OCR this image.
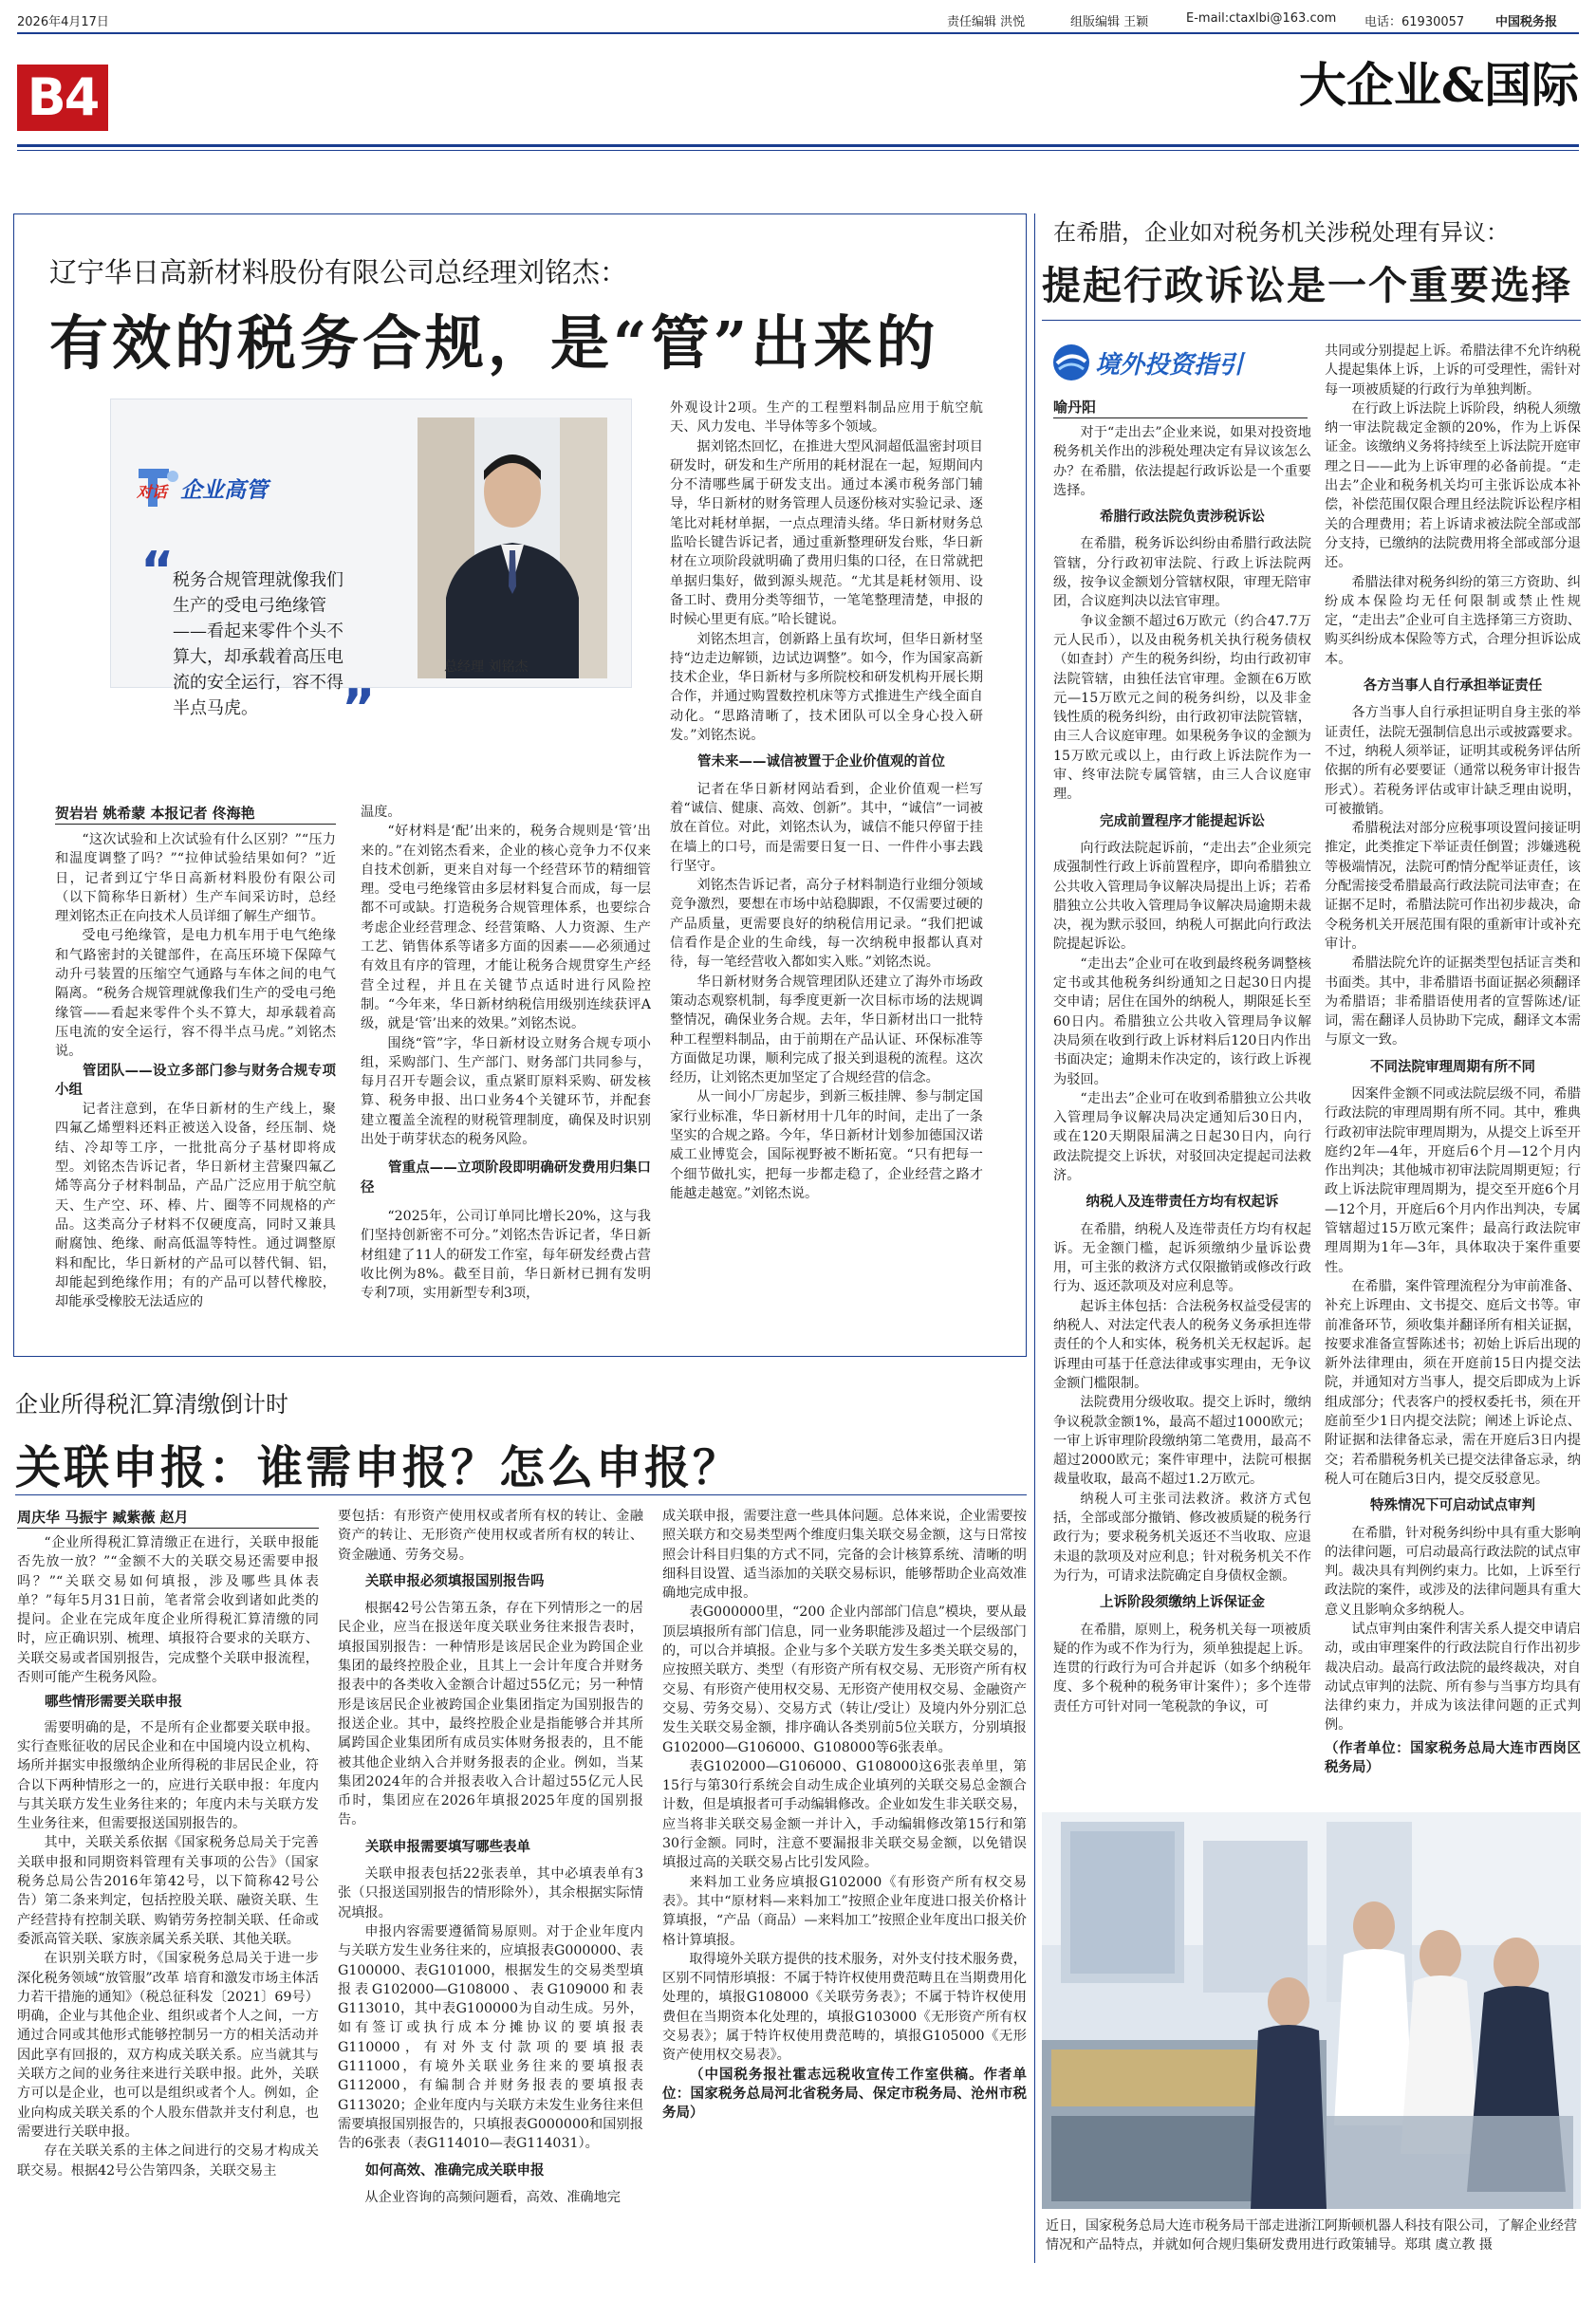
2026年4月17日	责任编辑 洪悦	组版编辑 王颖	E-mail:ctaxlbi@163.com 电话：61930057	中国税务报
B4	大企业&国际
辽宁华日高新材料股份有限公司总经理刘铭杰：
有效的税务合规，是“管”出来的
对话 企业高管
“
税务合规管理就像我们生产的受电弓绝缘管——看起来零件个头不算大，却承载着高压电流的安全运行，容不得半点马虎。	”
总经理 刘铭杰
贺岩岩 姚希蒙 本报记者 佟海艳

“这次试验和上次试验有什么区别？”“压力和温度调整了吗？”“拉伸试验结果如何？”近日，记者到辽宁华日高新材料股份有限公司（以下简称华日新材）生产车间采访时，总经理刘铭杰正在向技术人员详细了解生产细节。

受电弓绝缘管，是电力机车用于电气绝缘和气路密封的关键部件，在高压环境下保障气动升弓装置的压缩空气通路与车体之间的电气隔离。“税务合规管理就像我们生产的受电弓绝缘管——看起来零件个头不算大，却承载着高压电流的安全运行，容不得半点马虎。”刘铭杰说。

管团队——设立多部门参与财务合规专项小组

记者注意到，在华日新材的生产线上，聚四氟乙烯塑料还料正被送入设备，经压制、烧结、冷却等工序，一批批高分子基材即将成型。刘铭杰告诉记者，华日新材主营聚四氟乙烯等高分子材料制品，产品广泛应用于航空航天、生产空、环、棒、片、圈等不同规格的产品。这类高分子材料不仅硬度高，同时又兼具耐腐蚀、绝缘、耐高低温等特性。通过调整原料和配比，华日新材的产品可以替代铜、铝，却能起到绝缘作用；有的产品可以替代橡胶，却能承受橡胶无法适应的

温度。

“好材料是‘配’出来的，税务合规则是‘管’出来的。”在刘铭杰看来，企业的核心竞争力不仅来自技术创新，更来自对每一个经营环节的精细管理。受电弓绝缘管由多层材料复合而成，每一层都不可或缺。打造税务合规管理体系，也要综合考虑企业经营理念、经营策略、人力资源、生产工艺、销售体系等诸多方面的因素——必须通过有效且有序的管理，才能让税务合规贯穿生产经营全过程，并且在关键节点适时进行风险控制。“今年来，华日新材纳税信用级别连续获评A级，就是‘管’出来的效果。”刘铭杰说。

围绕“管”字，华日新材设立财务合规专项小组，采购部门、生产部门、财务部门共同参与，每月召开专题会议，重点紧盯原料采购、研发核算、税务申报、出口业务4个关键环节，并配套建立覆盖全流程的财税管理制度，确保及时识别出处于萌芽状态的税务风险。

管重点——立项阶段即明确研发费用归集口径

“2025年，公司订单同比增长20%，这与我们坚持创新密不可分。”刘铭杰告诉记者，华日新材组建了11人的研发工作室，每年研发经费占营收比例为8%。截至目前，华日新材已拥有发明专利7项，实用新型专利3项，

外观设计2项。生产的工程塑料制品应用于航空航天、风力发电、半导体等多个领域。

据刘铭杰回忆，在推进大型风洞超低温密封项目研发时，研发和生产所用的耗材混在一起，短期间内分不清哪些属于研发支出。通过本溪市税务部门辅导，华日新材的财务管理人员逐份核对实验记录、逐笔比对耗材单据，一点点理清头绪。华日新材财务总监哈长键告诉记者，通过重新整理研发台账，华日新材在立项阶段就明确了费用归集的口径，在日常就把单据归集好，做到源头规范。“尤其是耗材领用、设备工时、费用分类等细节，一笔笔整理清楚，申报的时候心里更有底。”哈长键说。

刘铭杰坦言，创新路上虽有坎坷，但华日新材坚持“边走边解锁，边试边调整”。如今，作为国家高新技术企业，华日新材与多所院校和研发机构开展长期合作，并通过购置数控机床等方式推进生产线全面自动化。“思路清晰了，技术团队可以全身心投入研发。”刘铭杰说。

管未来——诚信被置于企业价值观的首位

记者在华日新材网站看到，企业价值观一栏写着“诚信、健康、高效、创新”。其中，“诚信”一词被放在首位。对此，刘铭杰认为，诚信不能只停留于挂在墙上的口号，而是需要日复一日、一件件小事去践行坚守。

刘铭杰告诉记者，高分子材料制造行业细分领域竞争激烈，要想在市场中站稳脚跟，不仅需要过硬的产品质量，更需要良好的纳税信用记录。“我们把诚信看作是企业的生命线，每一次纳税申报都认真对待，每一笔经营收入都如实入账。”刘铭杰说。

华日新材财务合规管理团队还建立了海外市场政策动态观察机制，每季度更新一次目标市场的法规调整情况，确保业务合规。去年，华日新材出口一批特种工程塑料制品，由于前期在产品认证、环保标准等方面做足功课，顺利完成了报关到退税的流程。这次经历，让刘铭杰更加坚定了合规经营的信念。

从一间小厂房起步，到新三板挂牌、参与制定国家行业标准，华日新材用十几年的时间，走出了一条坚实的合规之路。今年，华日新材计划参加德国汉诺威工业博览会，国际视野被不断拓宽。“只有把每一个细节做扎实，把每一步都走稳了，企业经营之路才能越走越宽。”刘铭杰说。

在希腊，企业如对税务机关涉税处理有异议：
提起行政诉讼是一个重要选择
境外投资指引
喻丹阳

对于“走出去”企业来说，如果对投资地税务机关作出的涉税处理决定有异议该怎么办？在希腊，依法提起行政诉讼是一个重要选择。

希腊行政法院负责涉税诉讼

在希腊，税务诉讼纠纷由希腊行政法院管辖，分行政初审法院、行政上诉法院两级，按争议金额划分管辖权限，审理无陪审团，合议庭判决以法官审理。

争议金额不超过6万欧元（约合47.7万元人民币），以及由税务机关执行税务债权（如查封）产生的税务纠纷，均由行政初审法院管辖，由独任法官审理。金额在6万欧元—15万欧元之间的税务纠纷，以及非金钱性质的税务纠纷，由行政初审法院管辖，由三人合议庭审理。如果税务争议的金额为15万欧元或以上，由行政上诉法院作为一审、终审法院专属管辖，由三人合议庭审理。

完成前置程序才能提起诉讼

向行政法院起诉前，“走出去”企业须完成强制性行政上诉前置程序，即向希腊独立公共收入管理局争议解决局提出上诉；若希腊独立公共收入管理局争议解决局逾期未裁决，视为默示驳回，纳税人可据此向行政法院提起诉讼。

“走出去”企业可在收到最终税务调整核定书或其他税务纠纷通知之日起30日内提交申请；居住在国外的纳税人，期限延长至60日内。希腊独立公共收入管理局争议解决局须在收到行政上诉材料后120日内作出书面决定；逾期未作决定的，该行政上诉视为驳回。

“走出去”企业可在收到希腊独立公共收入管理局争议解决局决定通知后30日内，或在120天期限届满之日起30日内，向行政法院提交上诉状，对驳回决定提起司法救济。

纳税人及连带责任方均有权起诉

在希腊，纳税人及连带责任方均有权起诉。无金额门槛，起诉须缴纳少量诉讼费用，可主张的救济方式仅限撤销或修改行政行为、返还款项及对应利息等。

起诉主体包括：合法税务权益受侵害的纳税人、对法定代表人的税务义务承担连带责任的个人和实体，税务机关无权起诉。起诉理由可基于任意法律或事实理由，无争议金额门槛限制。

法院费用分级收取。提交上诉时，缴纳争议税款金额1%，最高不超过1000欧元；一审上诉审理阶段缴纳第二笔费用，最高不超过2000欧元；案件审理中，法院可根据裁量收取，最高不超过1.2万欧元。

纳税人可主张司法救济。救济方式包括，全部或部分撤销、修改被质疑的税务行政行为；要求税务机关返还不当收取、应退未退的款项及对应利息；针对税务机关不作为行为，可请求法院确定自身债权金额。

上诉阶段须缴纳上诉保证金

在希腊，原则上，税务机关每一项被质疑的作为或不作为行为，须单独提起上诉。连贯的行政行为可合并起诉（如多个纳税年度、多个税种的税务审计案件）；多个连带责任方可针对同一笔税款的争议，可

共同或分别提起上诉。希腊法律不允许纳税人提起集体上诉，上诉的可受理性，需针对每一项被质疑的行政行为单独判断。

在行政上诉法院上诉阶段，纳税人须缴纳一审法院裁定金额的20%，作为上诉保证金。该缴纳义务将持续至上诉法院开庭审理之日——此为上诉审理的必备前提。“走出去”企业和税务机关均可主张诉讼成本补偿，补偿范围仅限合理且经法院诉讼程序相关的合理费用；若上诉请求被法院全部或部分支持，已缴纳的法院费用将全部或部分退还。

希腊法律对税务纠纷的第三方资助、纠纷成本保险均无任何限制或禁止性规定，“走出去”企业可自主选择第三方资助、购买纠纷成本保险等方式，合理分担诉讼成本。

各方当事人自行承担举证责任

各方当事人自行承担证明自身主张的举证责任，法院无强制信息出示或披露要求。不过，纳税人须举证，证明其或税务评估所依据的所有必要要证（通常以税务审计报告形式）。若税务评估或审计缺乏理由说明，可被撤销。

希腊税法对部分应税事项设置问接证明推定，此类推定下举证责任倒置；涉嫌逃税等极端情况，法院可酌情分配举证责任，该分配需接受希腊最高行政法院司法审查；在证据不足时，希腊法院可作出初步裁决，命令税务机关开展范围有限的重新审计或补充审计。

希腊法院允许的证据类型包括证言类和书面类。其中，非希腊语书面证据必须翻译为希腊语；非希腊语使用者的宣誓陈述/证词，需在翻译人员协助下完成，翻译文本需与原文一致。

不同法院审理周期有所不同

因案件金额不同或法院层级不同，希腊行政法院的审理周期有所不同。其中，雅典行政初审法院审理周期为，从提交上诉至开庭约2年—4年，开庭后6个月—12个月内作出判决；其他城市初审法院周期更短；行政上诉法院审理周期为，提交至开庭6个月—12个月，开庭后6个月内作出判决，专属管辖超过15万欧元案件；最高行政法院审理周期为1年—3年，具体取决于案件重要性。

在希腊，案件管理流程分为审前准备、补充上诉理由、文书提交、庭后文书等。审前准备环节，须收集并翻译所有相关证据，按要求准备宣誓陈述书；初始上诉后出现的新外法律理由，须在开庭前15日内提交法院，并通知对方当事人，提交后即成为上诉组成部分；代表客户的授权委托书，须在开庭前至少1日内提交法院；阐述上诉论点、附证据和法律备忘录，需在开庭后3日内提交；若希腊税务机关已提交法律备忘录，纳税人可在随后3日内，提交反驳意见。

特殊情况下可启动试点审判

在希腊，针对税务纠纷中具有重大影响的法律问题，可启动最高行政法院的试点审判。裁决具有判例约束力。比如，上诉至行政法院的案件，或涉及的法律问题具有重大意义且影响众多纳税人。

试点审判由案件利害关系人提交申请启动，或由审理案件的行政法院自行作出初步裁决启动。最高行政法院的最终裁决，对自动试点审判的法院、所有参与当事方均具有法律约束力，并成为该法律问题的正式判例。

（作者单位：国家税务总局大连市西岗区税务局）

企业所得税汇算清缴倒计时
关联申报：谁需申报？怎么申报？
周庆华 马振宇 臧紫薇 赵月

“企业所得税汇算清缴正在进行，关联申报能否先放一放？”“金额不大的关联交易还需要申报吗？”“关联交易如何填报，涉及哪些具体表单？”每年5月31日前，笔者常会收到诸如此类的提问。企业在完成年度企业所得税汇算清缴的同时，应正确识别、梳理、填报符合要求的关联方、关联交易或者国别报告，完成整个关联申报流程，否则可能产生税务风险。

哪些情形需要关联申报

需要明确的是，不是所有企业都要关联申报。实行查账征收的居民企业和在中国境内设立机构、场所并据实申报缴纳企业所得税的非居民企业，符合以下两种情形之一的，应进行关联申报：年度内与其关联方发生业务往来的；年度内未与关联方发生业务往来，但需要报送国别报告的。

其中，关联关系依据《国家税务总局关于完善关联申报和同期资料管理有关事项的公告》（国家税务总局公告2016年第42号，以下简称42号公告）第二条来判定，包括控股关联、融资关联、生产经营持有控制关联、购销劳务控制关联、任命或委派高管关联、家族亲属关系关联、其他关联。

在识别关联方时，《国家税务总局关于进一步深化税务领域“放管服”改革 培育和激发市场主体活力若干措施的通知》（税总征科发〔2021〕69号）明确，企业与其他企业、组织或者个人之间，一方通过合同或其他形式能够控制另一方的相关活动并因此享有回报的，双方构成关联关系。应当就其与关联方之间的业务往来进行关联申报。此外，关联方可以是企业，也可以是组织或者个人。例如，企业向构成关联关系的个人股东借款并支付利息，也需要进行关联申报。

存在关联关系的主体之间进行的交易才构成关联交易。根据42号公告第四条，关联交易主

要包括：有形资产使用权或者所有权的转让、金融资产的转让、无形资产使用权或者所有权的转让、资金融通、劳务交易。

关联申报必须填报国别报告吗

根据42号公告第五条，存在下列情形之一的居民企业，应当在报送年度关联业务往来报告表时，填报国别报告：一种情形是该居民企业为跨国企业集团的最终控股企业，且其上一会计年度合并财务报表中的各类收入金额合计超过55亿元；另一种情形是该居民企业被跨国企业集团指定为国别报告的报送企业。其中，最终控股企业是指能够合并其所属跨国企业集团所有成员实体财务报表的，且不能被其他企业纳入合并财务报表的企业。例如，当某集团2024年的合并报表收入合计超过55亿元人民币时，集团应在2026年填报2025年度的国别报告。

关联申报需要填写哪些表单

关联申报表包括22张表单，其中必填表单有3张（只报送国别报告的情形除外），其余根据实际情况填报。

申报内容需要遵循简易原则。对于企业年度内与关联方发生业务往来的，应填报表G000000、表G100000、表G101000，根据发生的交易类型填报表G102000—G108000、表G109000和表G113010，其中表G100000为自动生成。另外，如有签订或执行成本分摊协议的要填报表G110000，有对外支付款项的要填报表G111000，有境外关联业务往来的要填报表G112000，有编制合并财务报表的要填报表G113020；企业年度内与关联方未发生业务往来但需要填报国别报告的，只填报表G000000和国别报告的6张表（表G114010—表G114031）。

如何高效、准确完成关联申报

从企业咨询的高频问题看，高效、准确地完

成关联申报，需要注意一些具体问题。总体来说，企业需要按照关联方和交易类型两个维度归集关联交易金额，这与日常按照会计科目归集的方式不同，完备的会计核算系统、清晰的明细科目设置、适当添加的关联交易标识，能够帮助企业高效准确地完成申报。

表G000000里，“200 企业内部部门信息”模块，要从最顶层填报所有部门信息，同一业务职能涉及超过一个层级部门的，可以合并填报。企业与多个关联方发生多类关联交易的，应按照关联方、类型（有形资产所有权交易、无形资产所有权交易、有形资产使用权交易、无形资产使用权交易、金融资产交易、劳务交易）、交易方式（转让/受让）及境内外分别汇总发生关联交易金额，排序确认各类别前5位关联方，分别填报G102000—G106000、G108000等6张表单。

表G102000—G106000、G108000这6张表单里，第15行与第30行系统会自动生成企业填列的关联交易总金额合计数，但是填报者可手动编辑修改。企业如发生非关联交易，应当将非关联交易金额一并计入，手动编辑修改第15行和第30行金额。同时，注意不要漏报非关联交易金额，以免错误填报过高的关联交易占比引发风险。

来料加工业务应填报G102000《有形资产所有权交易表》。其中“原材料—来料加工”按照企业年度进口报关价格计算填报，“产品（商品）—来料加工”按照企业年度出口报关价格计算填报。

取得境外关联方提供的技术服务，对外支付技术服务费，区别不同情形填报：不属于特许权使用费范畴且在当期费用化处理的，填报G108000《关联劳务表》；不属于特许权使用费但在当期资本化处理的，填报G103000《无形资产所有权交易表》；属于特许权使用费范畴的，填报G105000《无形资产使用权交易表》。

（中国税务报社霍志远税收宣传工作室供稿。作者单位：国家税务总局河北省税务局、保定市税务局、沧州市税务局）

近日，国家税务总局大连市税务局干部走进浙江阿斯顿机器人科技有限公司，了解企业经营情况和产品特点，并就如何合规归集研发费用进行政策辅导。郑琪 虞立教 摄
